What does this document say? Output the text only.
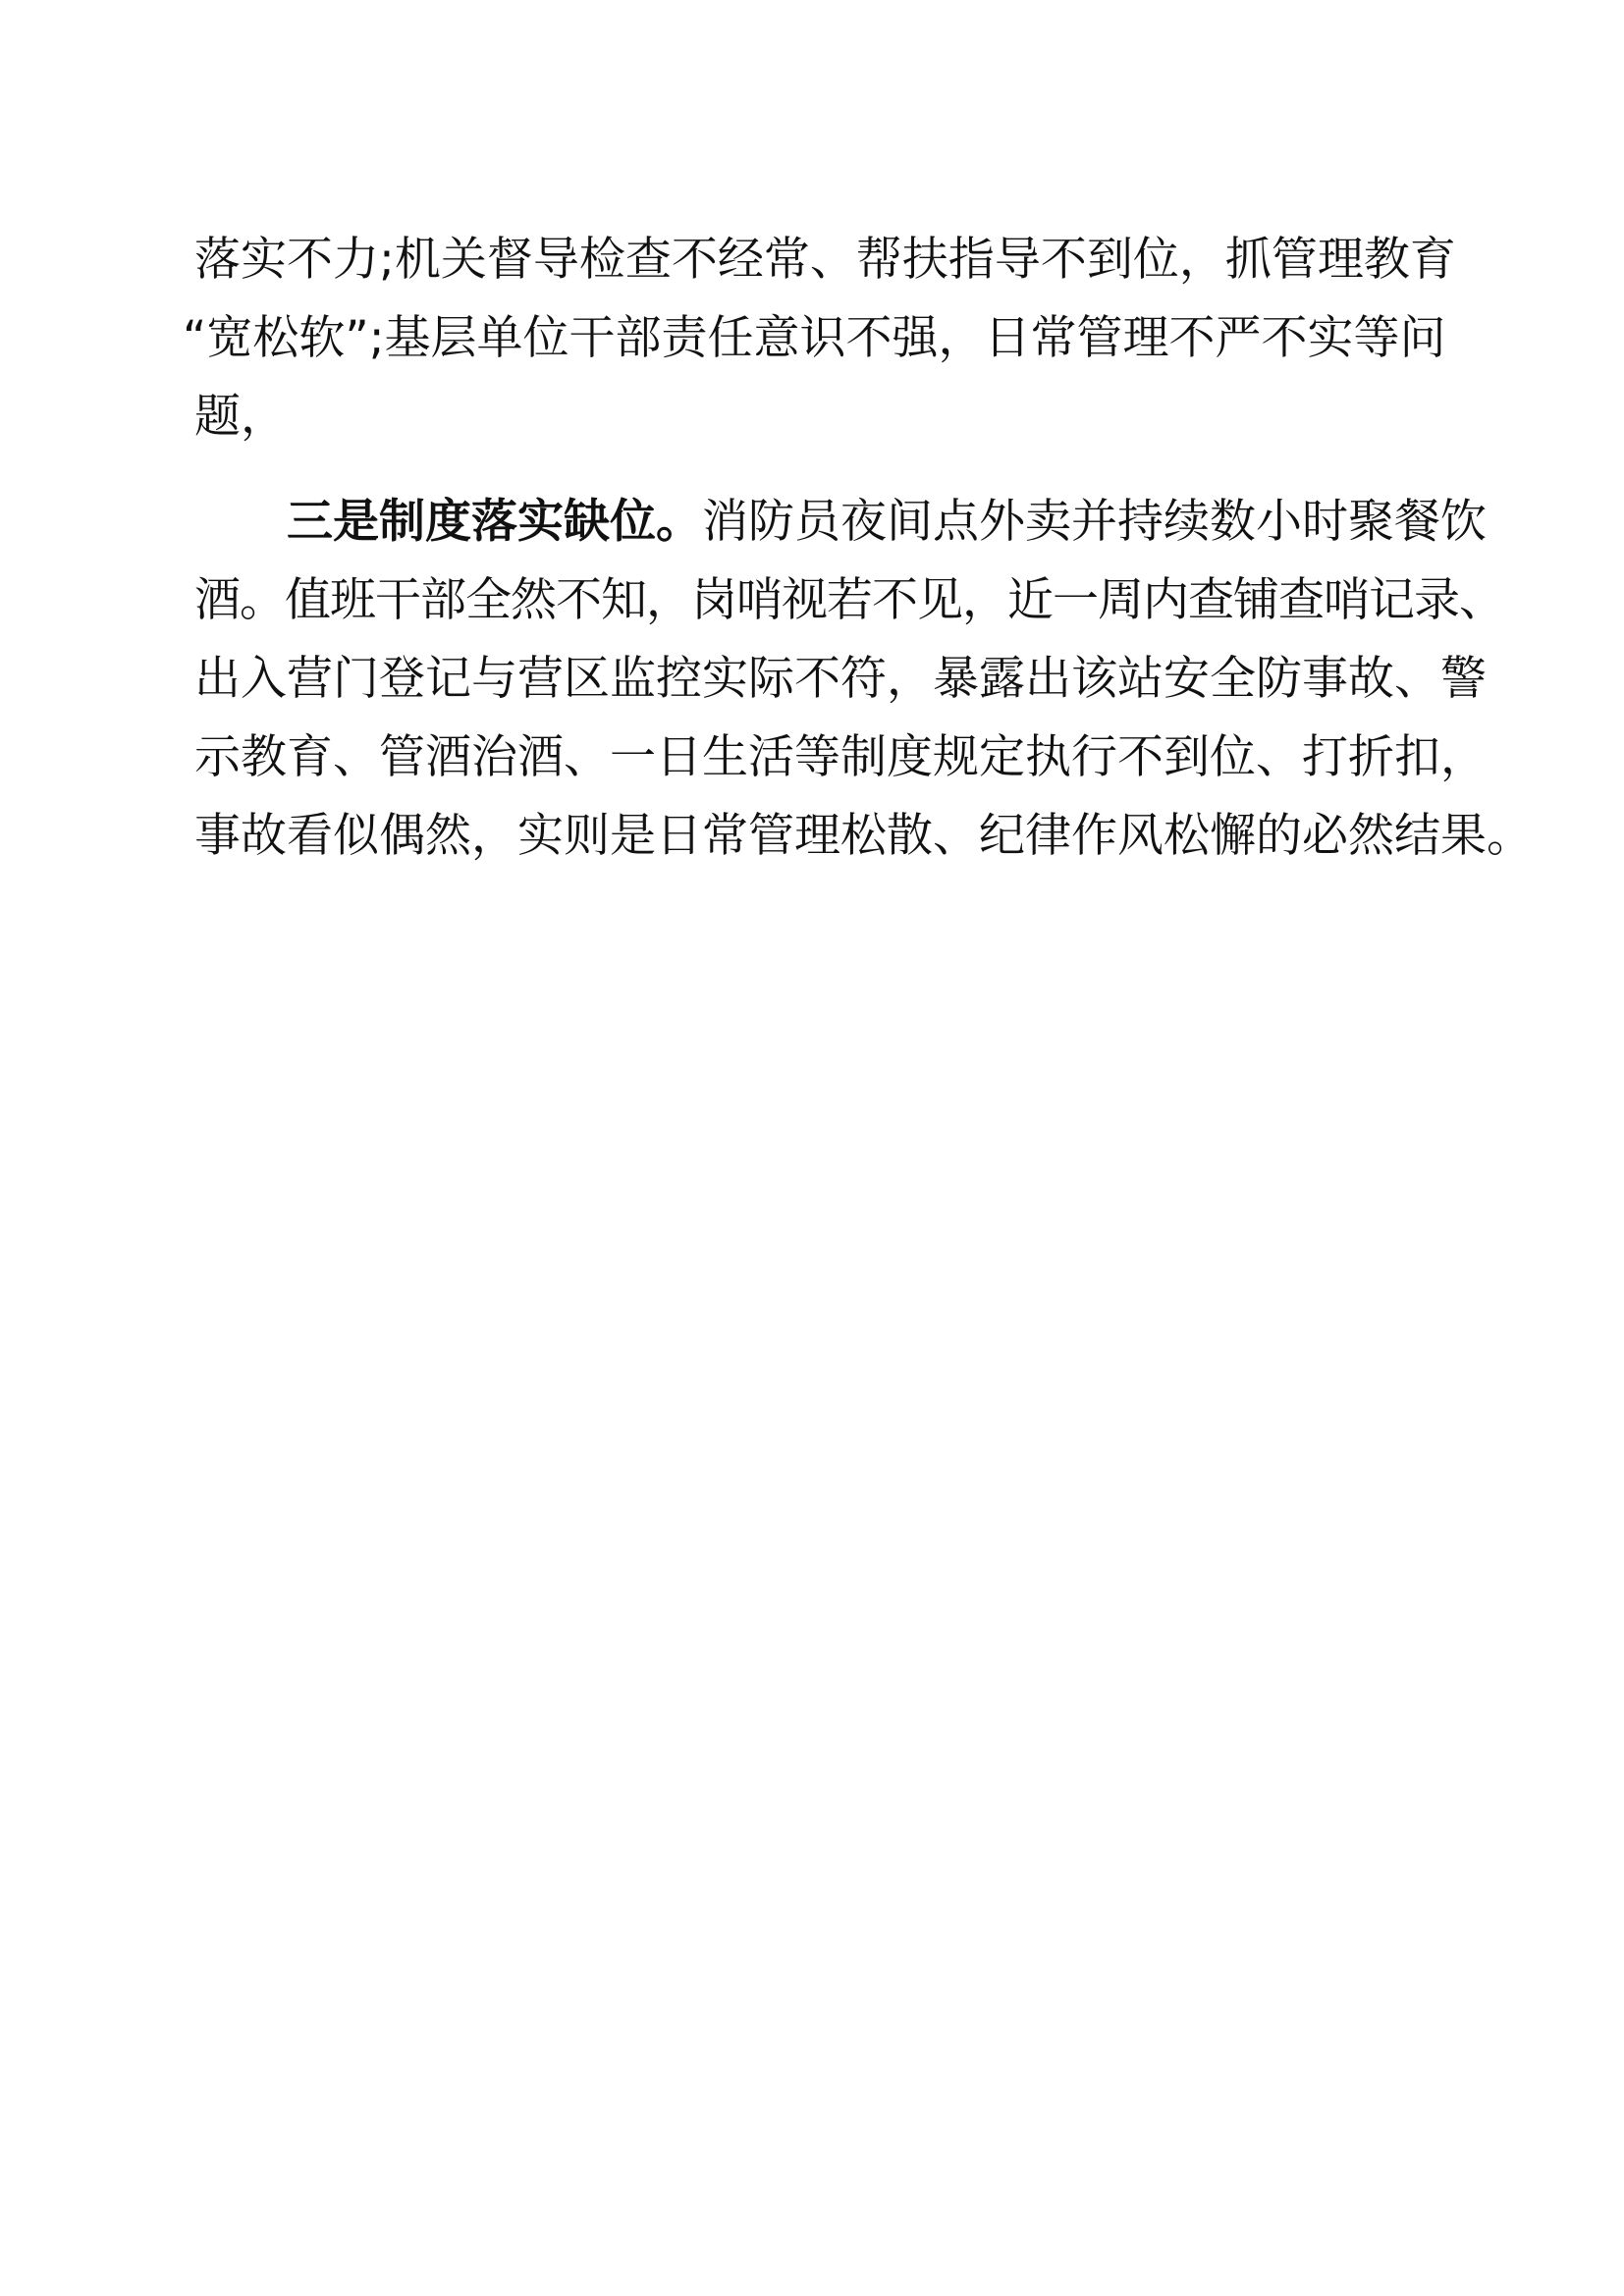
落实不力;机关督导检查不经常、帮扶指导不到位，抓管理教育
“宽松软”;基层单位干部责任意识不强，日常管理不严不实等问
题，
三是制度落实缺位。消防员夜间点外卖并持续数小时聚餐饮
酒。值班干部全然不知，岗哨视若不见，近一周内查铺查哨记录、
出入营门登记与营区监控实际不符，暴露出该站安全防事故、警
示教育、管酒治酒、一日生活等制度规定执行不到位、打折扣，
事故看似偶然，实则是日常管理松散、纪律作风松懈的必然结果。
